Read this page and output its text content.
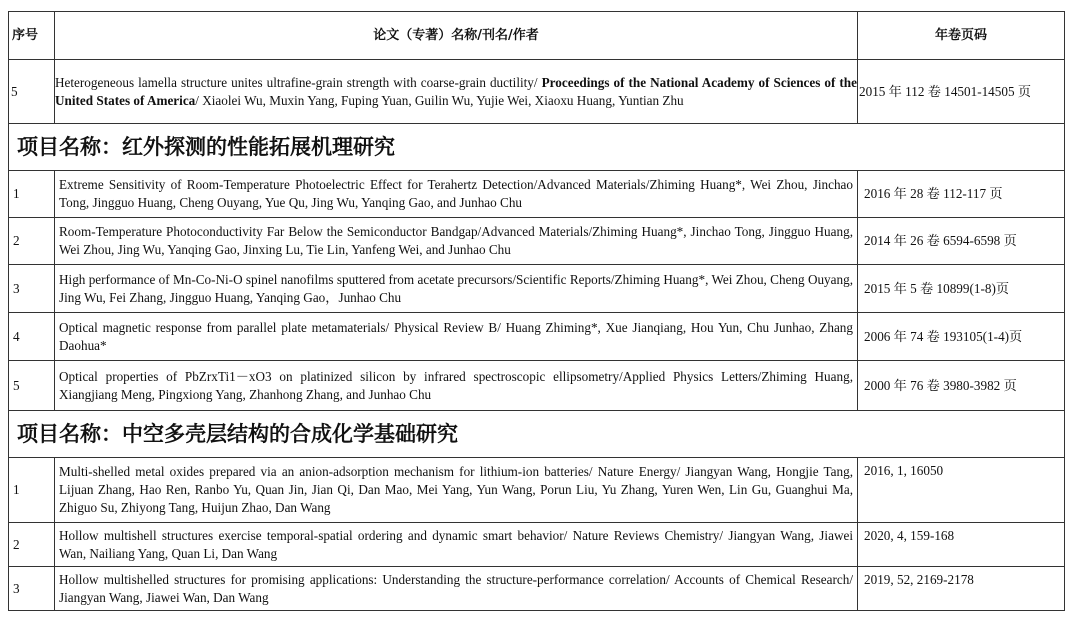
序号	论文（专著）名称/刊名/作者	年卷页码
5	Heterogeneous lamella structure unites ultrafine-grain strength with coarse-grain ductility/ Proceedings of the National Academy of Sciences of the United States of America/ Xiaolei Wu, Muxin Yang, Fuping Yuan, Guilin Wu, Yujie Wei, Xiaoxu Huang, Yuntian Zhu	2015 年 112 卷 14501-14505 页
项目名称：红外探测的性能拓展机理研究		
1	Extreme Sensitivity of Room-Temperature Photoelectric Effect for Terahertz Detection/Advanced Materials/Zhiming Huang*, Wei Zhou, Jinchao Tong, Jingguo Huang, Cheng Ouyang, Yue Qu, Jing Wu, Yanqing Gao, and Junhao Chu	2016 年 28 卷 112-117 页
2	Room-Temperature Photoconductivity Far Below the Semiconductor Bandgap/Advanced Materials/Zhiming Huang*, Jinchao Tong, Jingguo Huang, Wei Zhou, Jing Wu, Yanqing Gao, Jinxing Lu, Tie Lin, Yanfeng Wei, and Junhao Chu	2014 年 26 卷 6594-6598 页
3	High performance of Mn-Co-Ni-O spinel nanofilms sputtered from acetate precursors/Scientific Reports/Zhiming Huang*, Wei Zhou, Cheng Ouyang, Jing Wu, Fei Zhang, Jingguo Huang, Yanqing Gao，Junhao Chu	2015 年 5 卷 10899(1-8)页
4	Optical magnetic response from parallel plate metamaterials/ Physical Review B/ Huang Zhiming*, Xue Jianqiang, Hou Yun, Chu Junhao, Zhang Daohua*	2006 年 74 卷 193105(1-4)页
5	Optical properties of PbZrxTi1－xO3 on platinized silicon by infrared spectroscopic ellipsometry/Applied Physics Letters/Zhiming Huang, Xiangjiang Meng, Pingxiong Yang, Zhanhong Zhang, and Junhao Chu	2000 年 76 卷 3980-3982 页
项目名称：中空多壳层结构的合成化学基础研究		
1	Multi-shelled metal oxides prepared via an anion-adsorption mechanism for lithium-ion batteries/ Nature Energy/ Jiangyan Wang, Hongjie Tang, Lijuan Zhang, Hao Ren, Ranbo Yu, Quan Jin, Jian Qi, Dan Mao, Mei Yang, Yun Wang, Porun Liu, Yu Zhang, Yuren Wen, Lin Gu, Guanghui Ma, Zhiguo Su, Zhiyong Tang, Huijun Zhao, Dan Wang	2016, 1, 16050
2	Hollow multishell structures exercise temporal-spatial ordering and dynamic smart behavior/ Nature Reviews Chemistry/ Jiangyan Wang, Jiawei Wan, Nailiang Yang, Quan Li, Dan Wang	2020, 4, 159-168
3	Hollow multishelled structures for promising applications: Understanding the structure-performance correlation/ Accounts of Chemical Research/ Jiangyan Wang, Jiawei Wan, Dan Wang	2019, 52, 2169-2178
